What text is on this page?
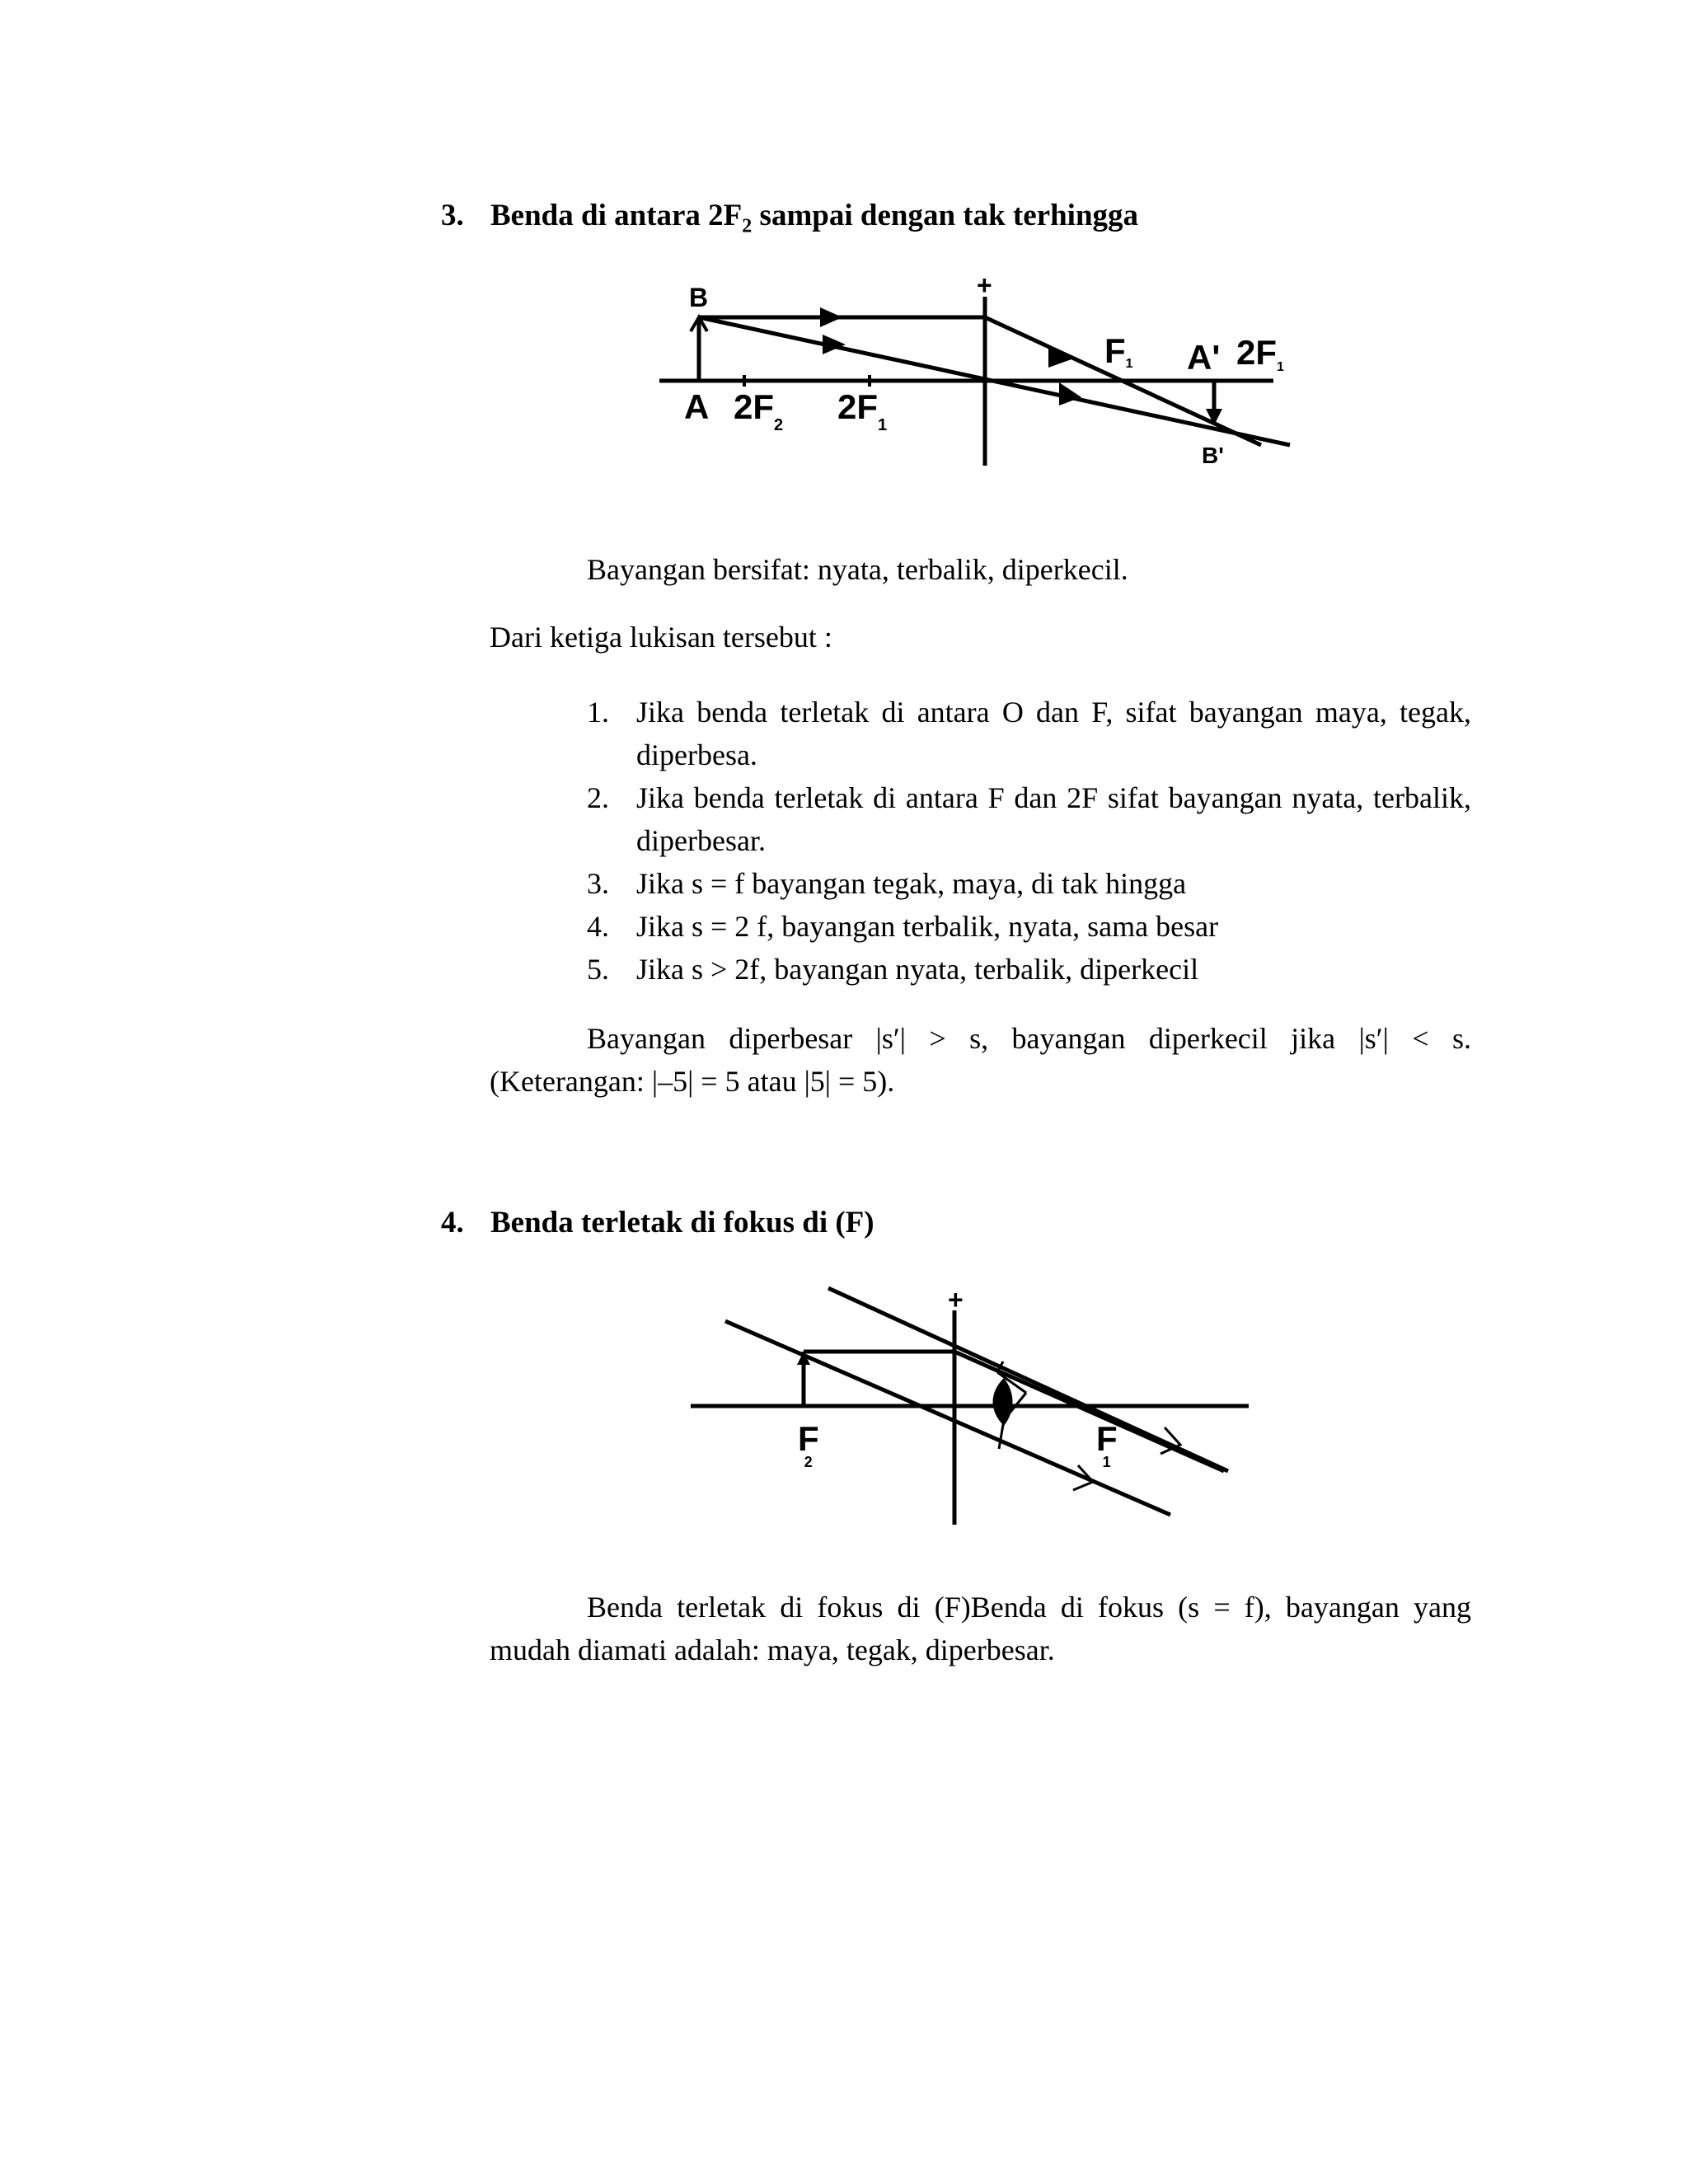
3. Benda di antara $2F_2$ sampai dengan tak terhingga
B
A $2F_2$ $2F_1$
+
F1 A' 2F1
B'
Bayangan bersifat: nyata, terbalik, diperkecil.
Dari ketiga lukisan tersebut :
1. Jika benda terletak di antara O dan F, sifat bayangan maya, tegak, diperbesa.
2. Jika benda terletak di antara F dan 2F sifat bayangan nyata, terbalik, diperbesar.
3. Jika s = f bayangan tegak, maya, di tak hingga
4. Jika s = 2 f, bayangan terbalik, nyata, sama besar
5. Jika s > 2f, bayangan nyata, terbalik, diperkecil
Bayangan diperbesar |s′| > s, bayangan diperkecil jika |s′| < s. (Keterangan: |–5| = 5 atau |5| = 5).
4. Benda terletak di fokus di (F)
+
F 2
F 1
Benda terletak di fokus di (F)Benda di fokus (s = f), bayangan yang mudah diamati adalah: maya, tegak, diperbesar.
